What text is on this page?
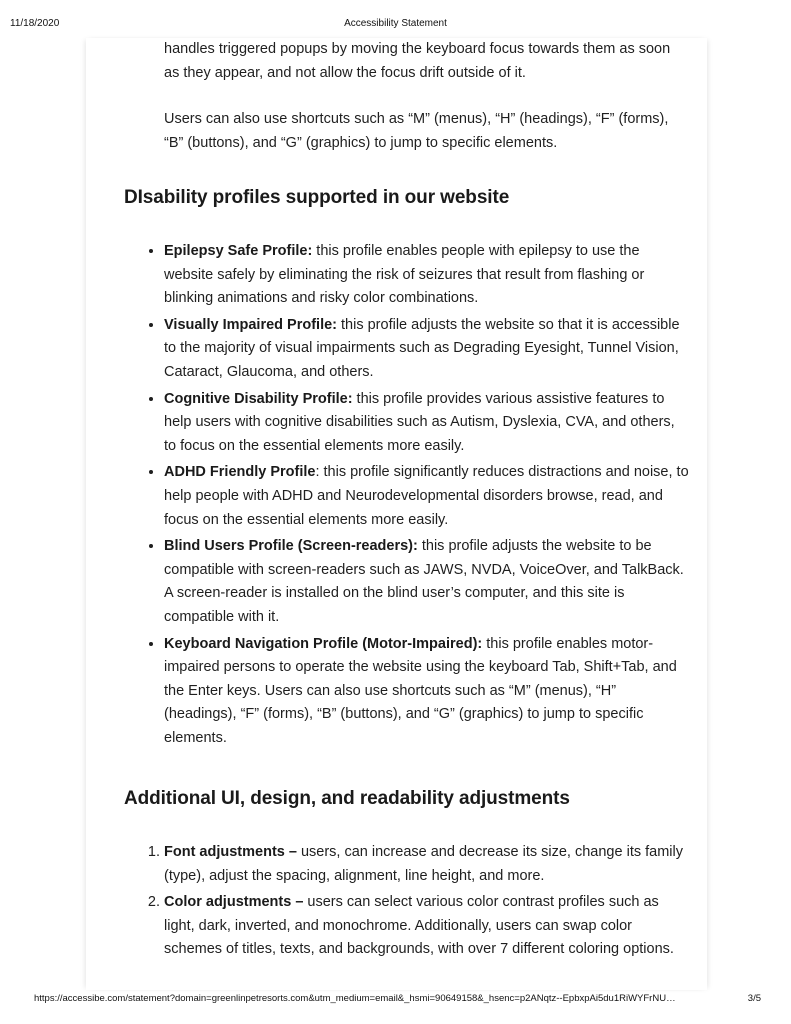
11/18/2020	Accessibility Statement

handles triggered popups by moving the keyboard focus towards them as soon as they appear, and not allow the focus drift outside of it.

Users can also use shortcuts such as “M” (menus), “H” (headings), “F” (forms), “B” (buttons), and “G” (graphics) to jump to specific elements.

DIsability profiles supported in our website
• Epilepsy Safe Profile: this profile enables people with epilepsy to use the website safely by eliminating the risk of seizures that result from flashing or blinking animations and risky color combinations.
• Visually Impaired Profile: this profile adjusts the website so that it is accessible to the majority of visual impairments such as Degrading Eyesight, Tunnel Vision, Cataract, Glaucoma, and others.
• Cognitive Disability Profile: this profile provides various assistive features to help users with cognitive disabilities such as Autism, Dyslexia, CVA, and others, to focus on the essential elements more easily.
• ADHD Friendly Profile: this profile significantly reduces distractions and noise, to help people with ADHD and Neurodevelopmental disorders browse, read, and focus on the essential elements more easily.
• Blind Users Profile (Screen-readers): this profile adjusts the website to be compatible with screen-readers such as JAWS, NVDA, VoiceOver, and TalkBack. A screen-reader is installed on the blind user’s computer, and this site is compatible with it.
• Keyboard Navigation Profile (Motor-Impaired): this profile enables motor-impaired persons to operate the website using the keyboard Tab, Shift+Tab, and the Enter keys. Users can also use shortcuts such as “M” (menus), “H” (headings), “F” (forms), “B” (buttons), and “G” (graphics) to jump to specific elements.
Additional UI, design, and readability adjustments
1. Font adjustments – users, can increase and decrease its size, change its family (type), adjust the spacing, alignment, line height, and more.
2. Color adjustments – users can select various color contrast profiles such as light, dark, inverted, and monochrome. Additionally, users can swap color schemes of titles, texts, and backgrounds, with over 7 different coloring options.
https://accessibe.com/statement?domain=greenlinpetresorts.com&utm_medium=email&_hsmi=90649158&_hsenc=p2ANqtz--EpbxpAi5du1RiWYFrNU…	3/5
